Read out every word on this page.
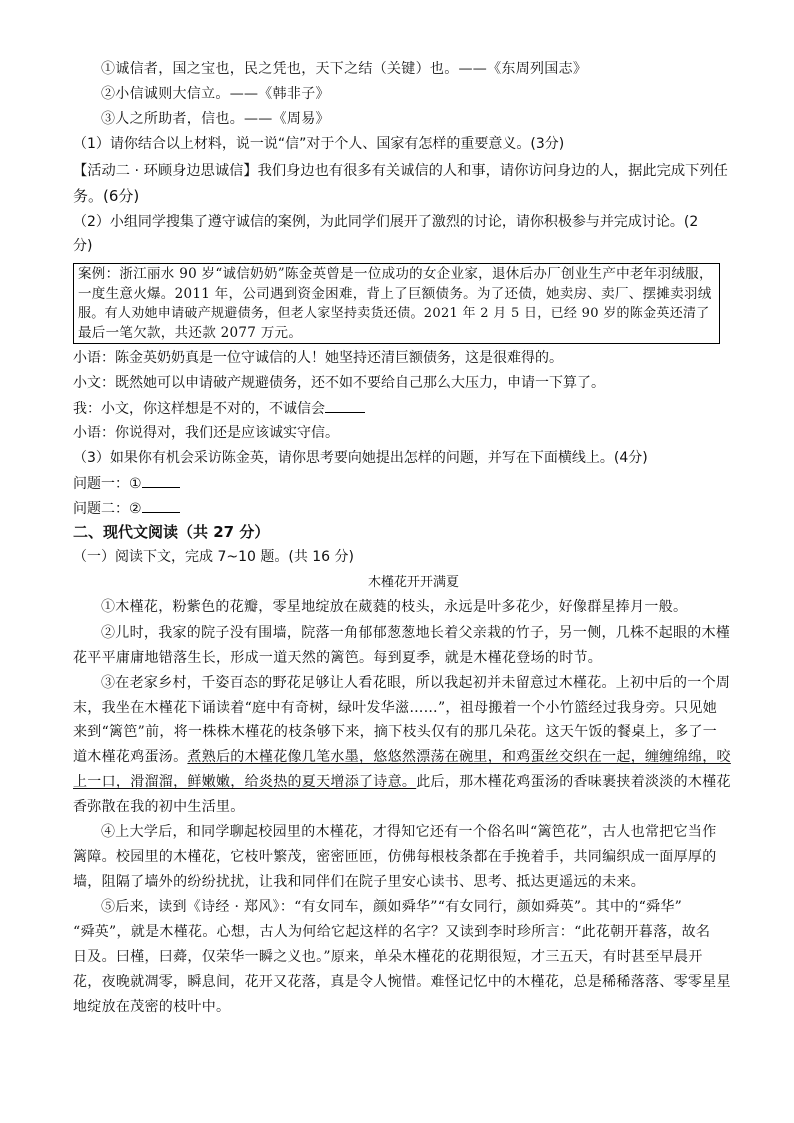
①诚信者，国之宝也，民之凭也，天下之结（关键）也。——《东周列国志》
②小信诚则大信立。——《韩非子》
③人之所助者，信也。——《周易》
（1）请你结合以上材料，说一说“信”对于个人、国家有怎样的重要意义。(3分)
【活动二 · 环顾身边思诚信】我们身边也有很多有关诚信的人和事，请你访问身边的人，据此完成下列任
务。(6分)
（2）小组同学搜集了遵守诚信的案例，为此同学们展开了激烈的讨论，请你积极参与并完成讨论。(2
分)
案例：浙江丽水 90 岁“诚信奶奶”陈金英曾是一位成功的女企业家，退休后办厂创业生产中老年羽绒服，
一度生意火爆。2011 年，公司遇到资金困难，背上了巨额债务。为了还债，她卖房、卖厂、摆摊卖羽绒
服。有人劝她申请破产规避债务，但老人家坚持卖货还债。2021 年 2 月 5 日，已经 90 岁的陈金英还清了
最后一笔欠款，共还款 2077 万元。
小语：陈金英奶奶真是一位守诚信的人！她坚持还清巨额债务，这是很难得的。
小文：既然她可以申请破产规避债务，还不如不要给自己那么大压力，申请一下算了。
我：小文，你这样想是不对的，不诚信会
小语：你说得对，我们还是应该诚实守信。
（3）如果你有机会采访陈金英，请你思考要向她提出怎样的问题，并写在下面横线上。(4分)
问题一：①
问题二：②
二、现代文阅读（共 27 分）
（一）阅读下文，完成 7~10 题。(共 16 分)
木槿花开开满夏
①木槿花，粉紫色的花瓣，零星地绽放在葳蕤的枝头，永远是叶多花少，好像群星捧月一般。
②儿时，我家的院子没有围墙，院落一角郁郁葱葱地长着父亲栽的竹子，另一侧，几株不起眼的木槿
花平平庸庸地错落生长，形成一道天然的篱笆。每到夏季，就是木槿花登场的时节。
③在老家乡村，千姿百态的野花足够让人看花眼，所以我起初并未留意过木槿花。上初中后的一个周
末，我坐在木槿花下诵读着“庭中有奇树，绿叶发华滋……”，祖母搬着一个小竹篮经过我身旁。只见她
来到“篱笆”前，将一株株木槿花的枝条够下来，摘下枝头仅有的那几朵花。这天午饭的餐桌上，多了一
道木槿花鸡蛋汤。煮熟后的木槿花像几笔水墨，悠悠然漂荡在碗里，和鸡蛋丝交织在一起，缠缠绵绵，咬
上一口，滑溜溜，鲜嫩嫩，给炎热的夏天增添了诗意。此后，那木槿花鸡蛋汤的香味裹挟着淡淡的木槿花
香弥散在我的初中生活里。
④上大学后，和同学聊起校园里的木槿花，才得知它还有一个俗名叫“篱笆花”，古人也常把它当作
篱障。校园里的木槿花，它枝叶繁茂，密密匝匝，仿佛每根枝条都在手挽着手，共同编织成一面厚厚的
墙，阻隔了墙外的纷纷扰扰，让我和同伴们在院子里安心读书、思考、抵达更遥远的未来。
⑤后来，读到《诗经 · 郑风》：“有女同车，颜如舜华”“有女同行，颜如舜英”。其中的“舜华”
“舜英”，就是木槿花。心想，古人为何给它起这样的名字？又读到李时珍所言：“此花朝开暮落，故名
日及。曰槿，曰蕣，仅荣华一瞬之义也。”原来，单朵木槿花的花期很短，才三五天，有时甚至早晨开
花，夜晚就凋零，瞬息间，花开又花落，真是令人惋惜。难怪记忆中的木槿花，总是稀稀落落、零零星星
地绽放在茂密的枝叶中。
